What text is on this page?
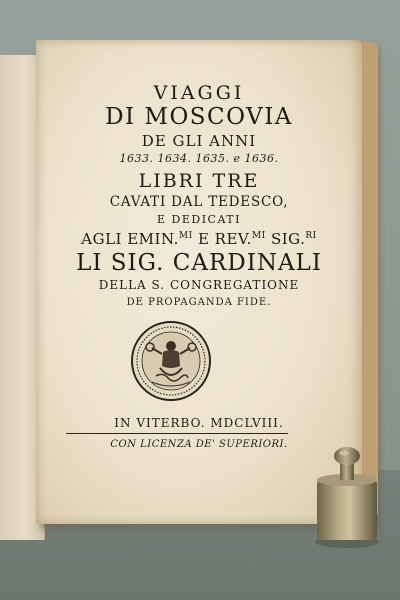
VIAGGI
DI MOSCOVIA
DE GLI ANNI
1633. 1634. 1635. e 1636.
LIBRI TRE
CAVATI DAL TEDESCO,
E DEDICATI
AGLI EMIN.$^{MI}$ E REV.$^{MI}$ SIG.$^{RI}$
LI SIG. CARDINALI
DELLA S. CONGREGATIONE
DE PROPAGANDA FIDE.
IN VITERBO. MDCLVIII.
CON LICENZA DE' SUPERIORI.
